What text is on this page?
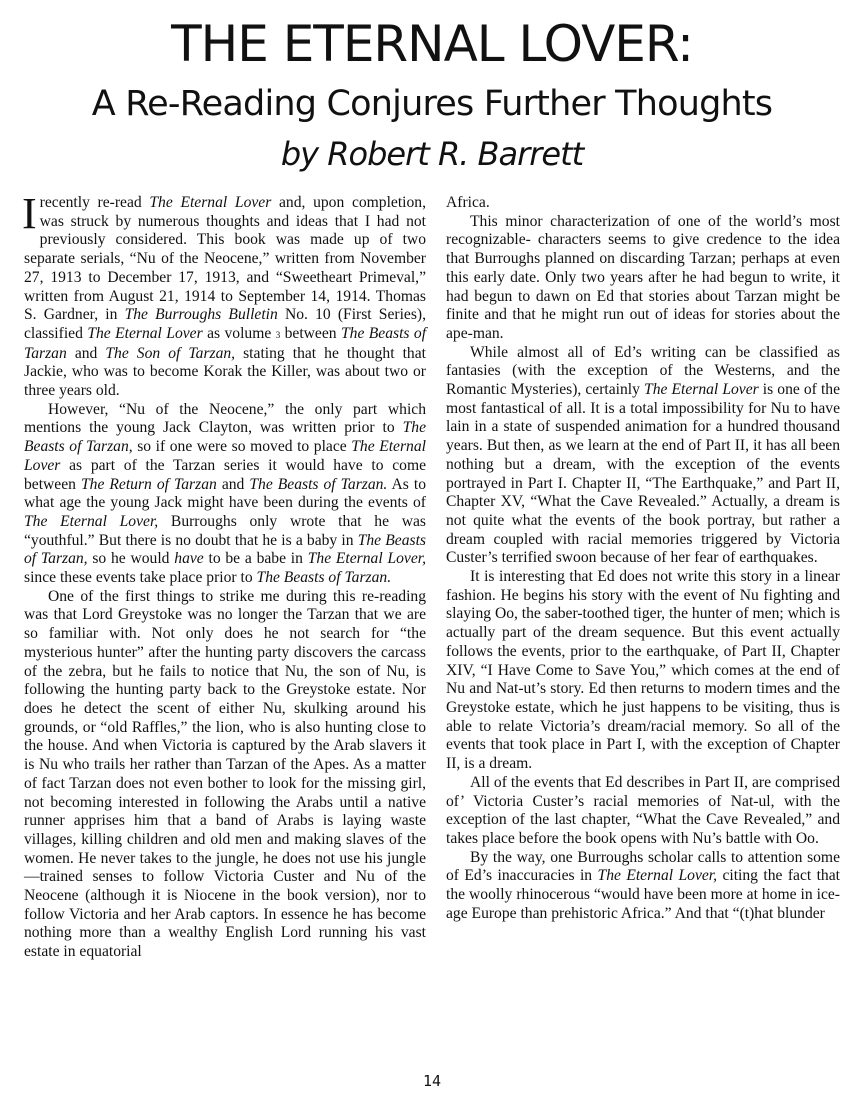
THE ETERNAL LOVER:
A Re-Reading Conjures Further Thoughts
by Robert R. Barrett

Irecently re-read The Eternal Lover and, upon completion, was struck by numerous thoughts and ideas that I had not previously considered. This book was made up of two separate serials, “Nu of the Neocene,” written from November 27, 1913 to December 17, 1913, and “Sweetheart Primeval,” written from August 21, 1914 to September 14, 1914. Thomas S. Gardner, in The Burroughs Bulletin No. 10 (First Series), classified The Eternal Lover as volume 3 between The Beasts of Tarzan and The Son of Tarzan, stating that he thought that Jackie, who was to become Korak the Killer, was about two or three years old.

However, “Nu of the Neocene,” the only part which mentions the young Jack Clayton, was written prior to The Beasts of Tarzan, so if one were so moved to place The Eternal Lover as part of the Tarzan series it would have to come between The Return of Tarzan and The Beasts of Tarzan. As to what age the young Jack might have been during the events of The Eternal Lover, Burroughs only wrote that he was “youthful.” But there is no doubt that he is a baby in The Beasts of Tarzan, so he would have to be a babe in The Eternal Lover, since these events take place prior to The Beasts of Tarzan.

One of the first things to strike me during this re-reading was that Lord Greystoke was no longer the Tarzan that we are so familiar with. Not only does he not search for “the mysterious hunter” after the hunting party discovers the carcass of the zebra, but he fails to notice that Nu, the son of Nu, is following the hunting party back to the Greystoke estate. Nor does he detect the scent of either Nu, skulking around his grounds, or “old Raffles,” the lion, who is also hunting close to the house. And when Victoria is captured by the Arab slavers it is Nu who trails her rather than Tarzan of the Apes. As a matter of fact Tarzan does not even bother to look for the missing girl, not becoming interested in following the Arabs until a native runner apprises him that a band of Arabs is laying waste villages, killing children and old men and making slaves of the women. He never takes to the jungle, he does not use his jungle—trained senses to follow Victoria Custer and Nu of the Neocene (although it is Niocene in the book version), nor to follow Victoria and her Arab captors. In essence he has become nothing more than a wealthy English Lord running his vast estate in equatorial

Africa.

This minor characterization of one of the world’s most recognizable- characters seems to give credence to the idea that Burroughs planned on discarding Tarzan; perhaps at even this early date. Only two years after he had begun to write, it had begun to dawn on Ed that stories about Tarzan might be finite and that he might run out of ideas for stories about the ape-man.

While almost all of Ed’s writing can be classified as fantasies (with the exception of the Westerns, and the Romantic Mysteries), certainly The Eternal Lover is one of the most fantastical of all. It is a total impossibility for Nu to have lain in a state of suspended animation for a hundred thousand years. But then, as we learn at the end of Part II, it has all been nothing but a dream, with the exception of the events portrayed in Part I. Chapter II, “The Earthquake,” and Part II, Chapter XV, “What the Cave Revealed.” Actually, a dream is not quite what the events of the book portray, but rather a dream coupled with racial memories triggered by Victoria Custer’s terrified swoon because of her fear of earthquakes.

It is interesting that Ed does not write this story in a linear fashion. He begins his story with the event of Nu fighting and slaying Oo, the saber-toothed tiger, the hunter of men; which is actually part of the dream sequence. But this event actually follows the events, prior to the earthquake, of Part II, Chapter XIV, “I Have Come to Save You,” which comes at the end of Nu and Nat-ut’s story. Ed then returns to modern times and the Greystoke estate, which he just happens to be visiting, thus is able to relate Victoria’s dream/racial memory. So all of the events that took place in Part I, with the exception of Chapter II, is a dream.

All of the events that Ed describes in Part II, are comprised of’ Victoria Custer’s racial memories of Nat-ul, with the exception of the last chapter, “What the Cave Revealed,” and takes place before the book opens with Nu’s battle with Oo.

By the way, one Burroughs scholar calls to attention some of Ed’s inaccuracies in The Eternal Lover, citing the fact that the woolly rhinocerous “would have been more at home in ice-age Europe than prehistoric Africa.” And that “(t)hat blunder

14
